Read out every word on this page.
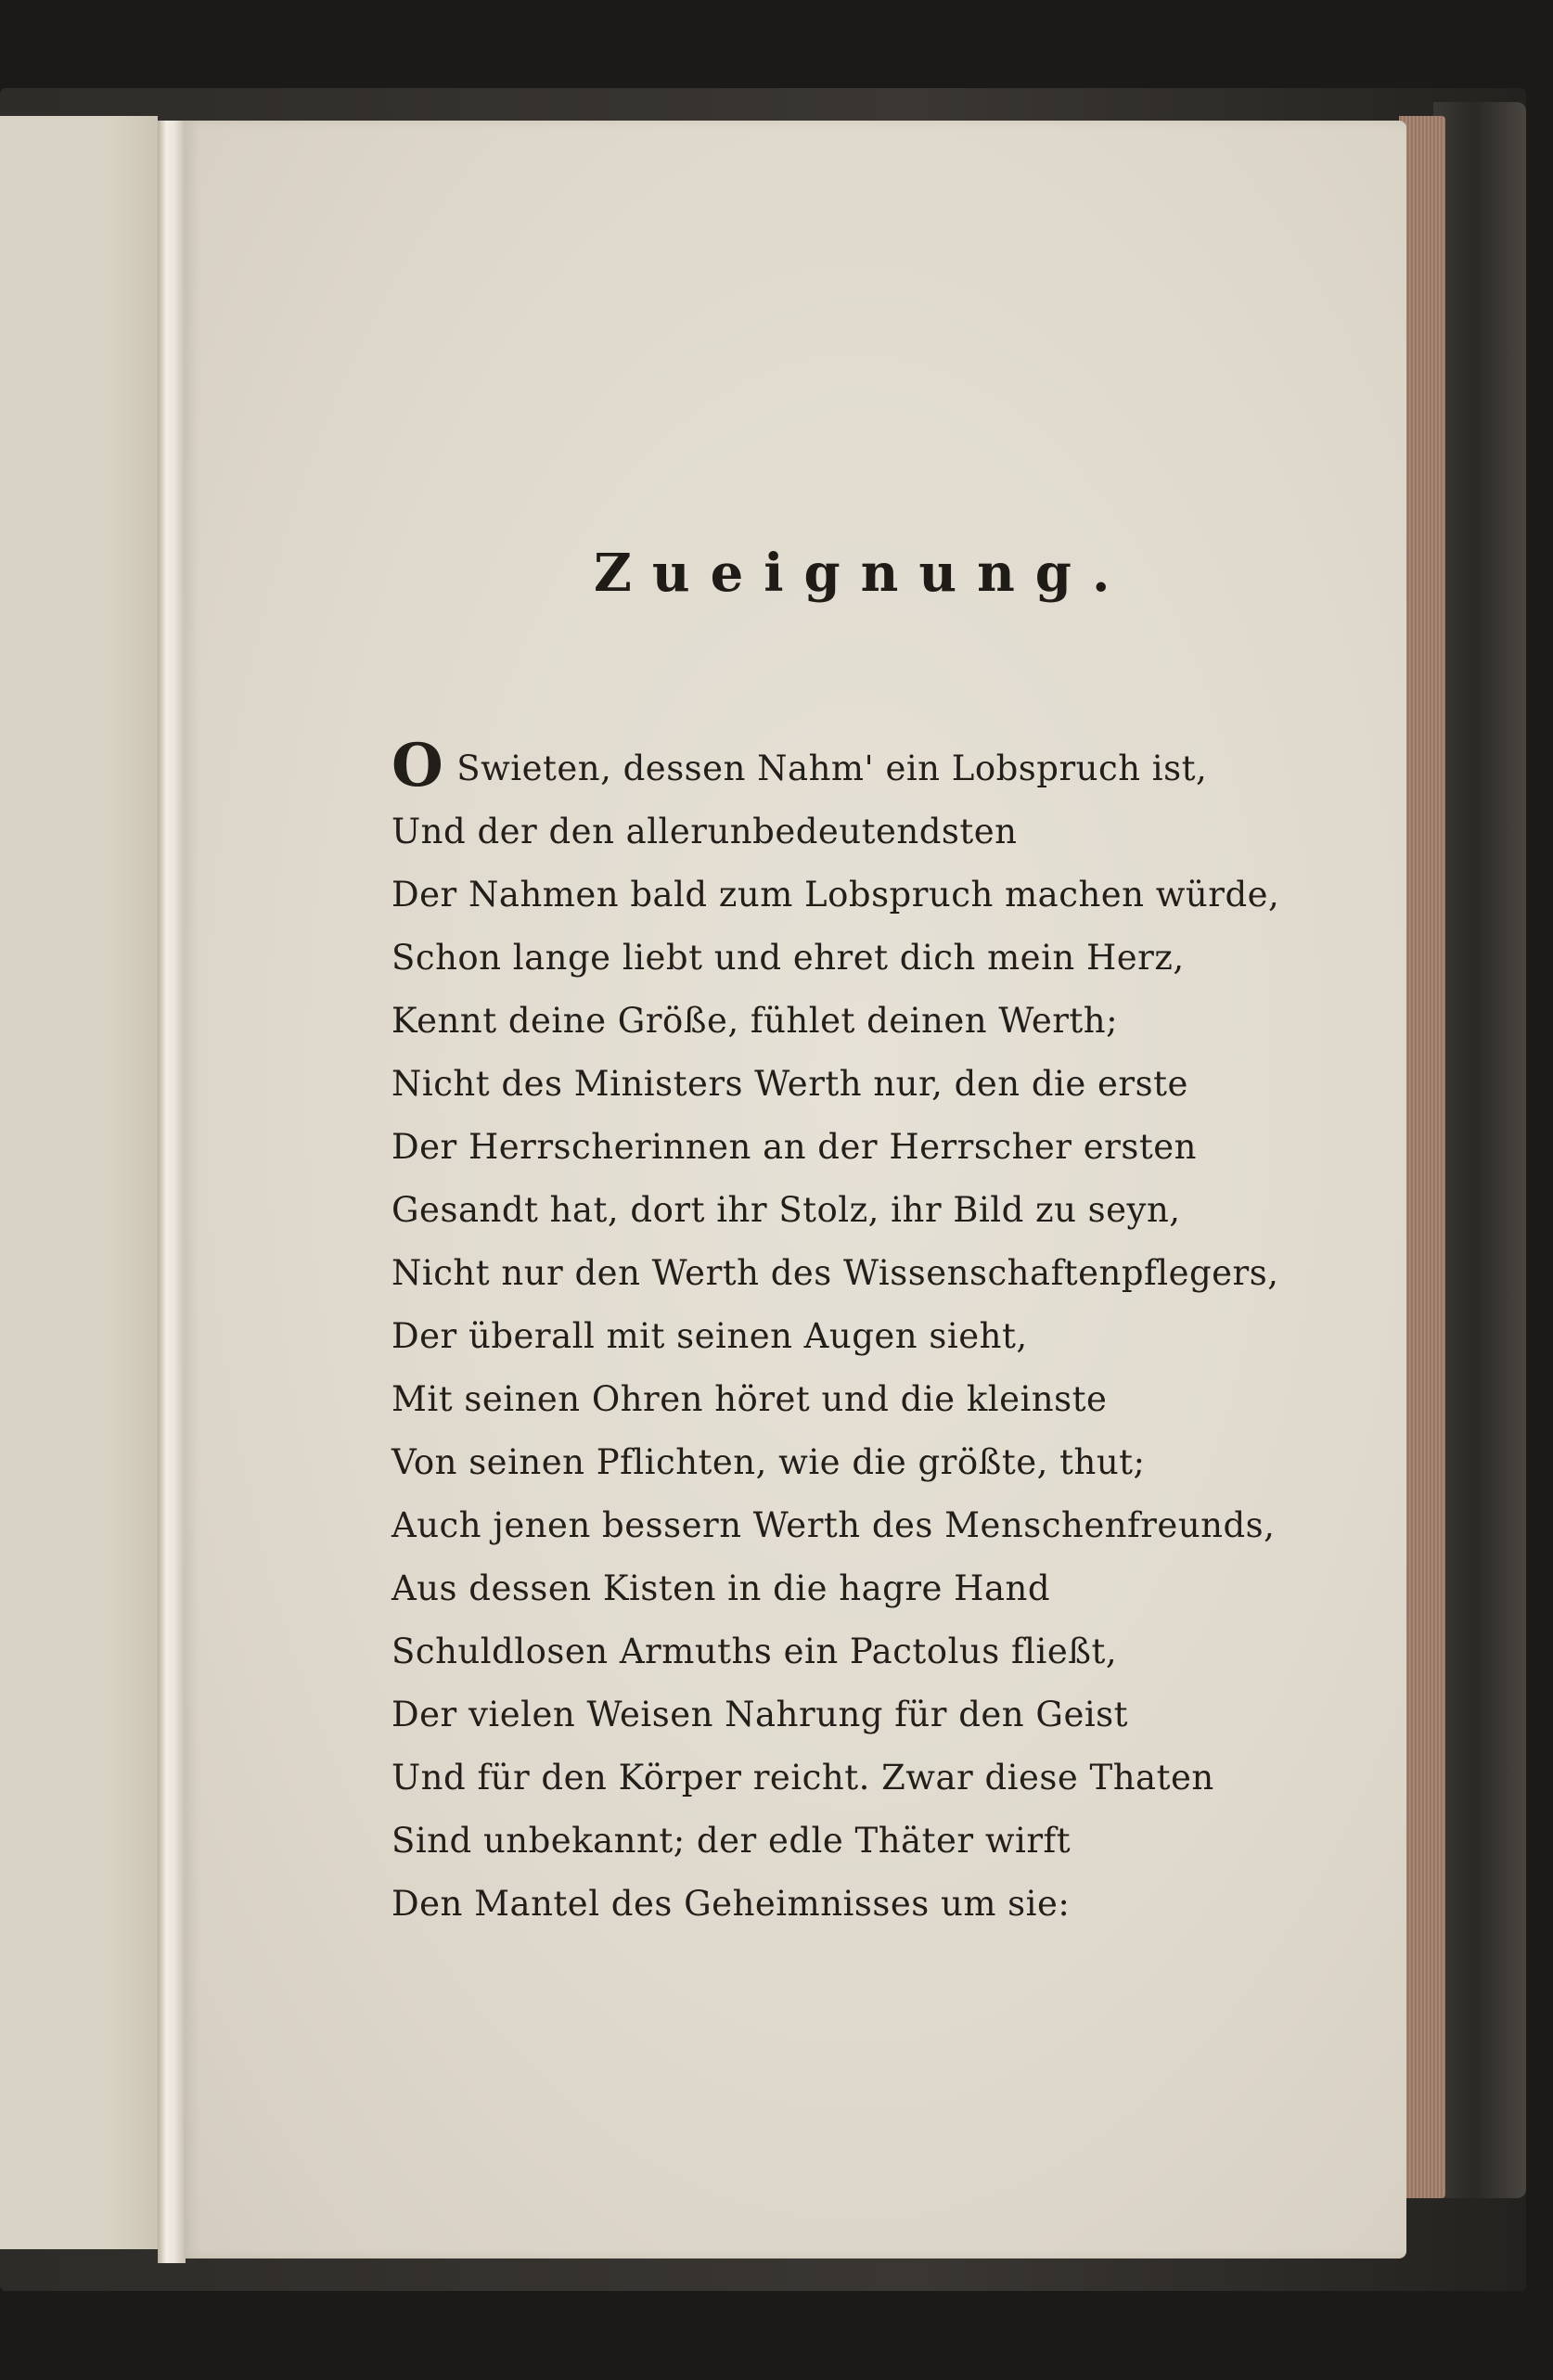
Zueignung.
O Swieten, dessen Nahm' ein Lobspruch ist,
Und der den allerunbedeutendsten
Der Nahmen bald zum Lobspruch machen würde,
Schon lange liebt und ehret dich mein Herz,
Kennt deine Größe, fühlet deinen Werth;
Nicht des Ministers Werth nur, den die erste
Der Herrscherinnen an der Herrscher ersten
Gesandt hat, dort ihr Stolz, ihr Bild zu seyn,
Nicht nur den Werth des Wissenschaftenpflegers,
Der überall mit seinen Augen sieht,
Mit seinen Ohren höret und die kleinste
Von seinen Pflichten, wie die größte, thut;
Auch jenen bessern Werth des Menschenfreunds,
Aus dessen Kisten in die hagre Hand
Schuldlosen Armuths ein Pactolus fließt,
Der vielen Weisen Nahrung für den Geist
Und für den Körper reicht. Zwar diese Thaten
Sind unbekannt; der edle Thäter wirft
Den Mantel des Geheimnisses um sie:
